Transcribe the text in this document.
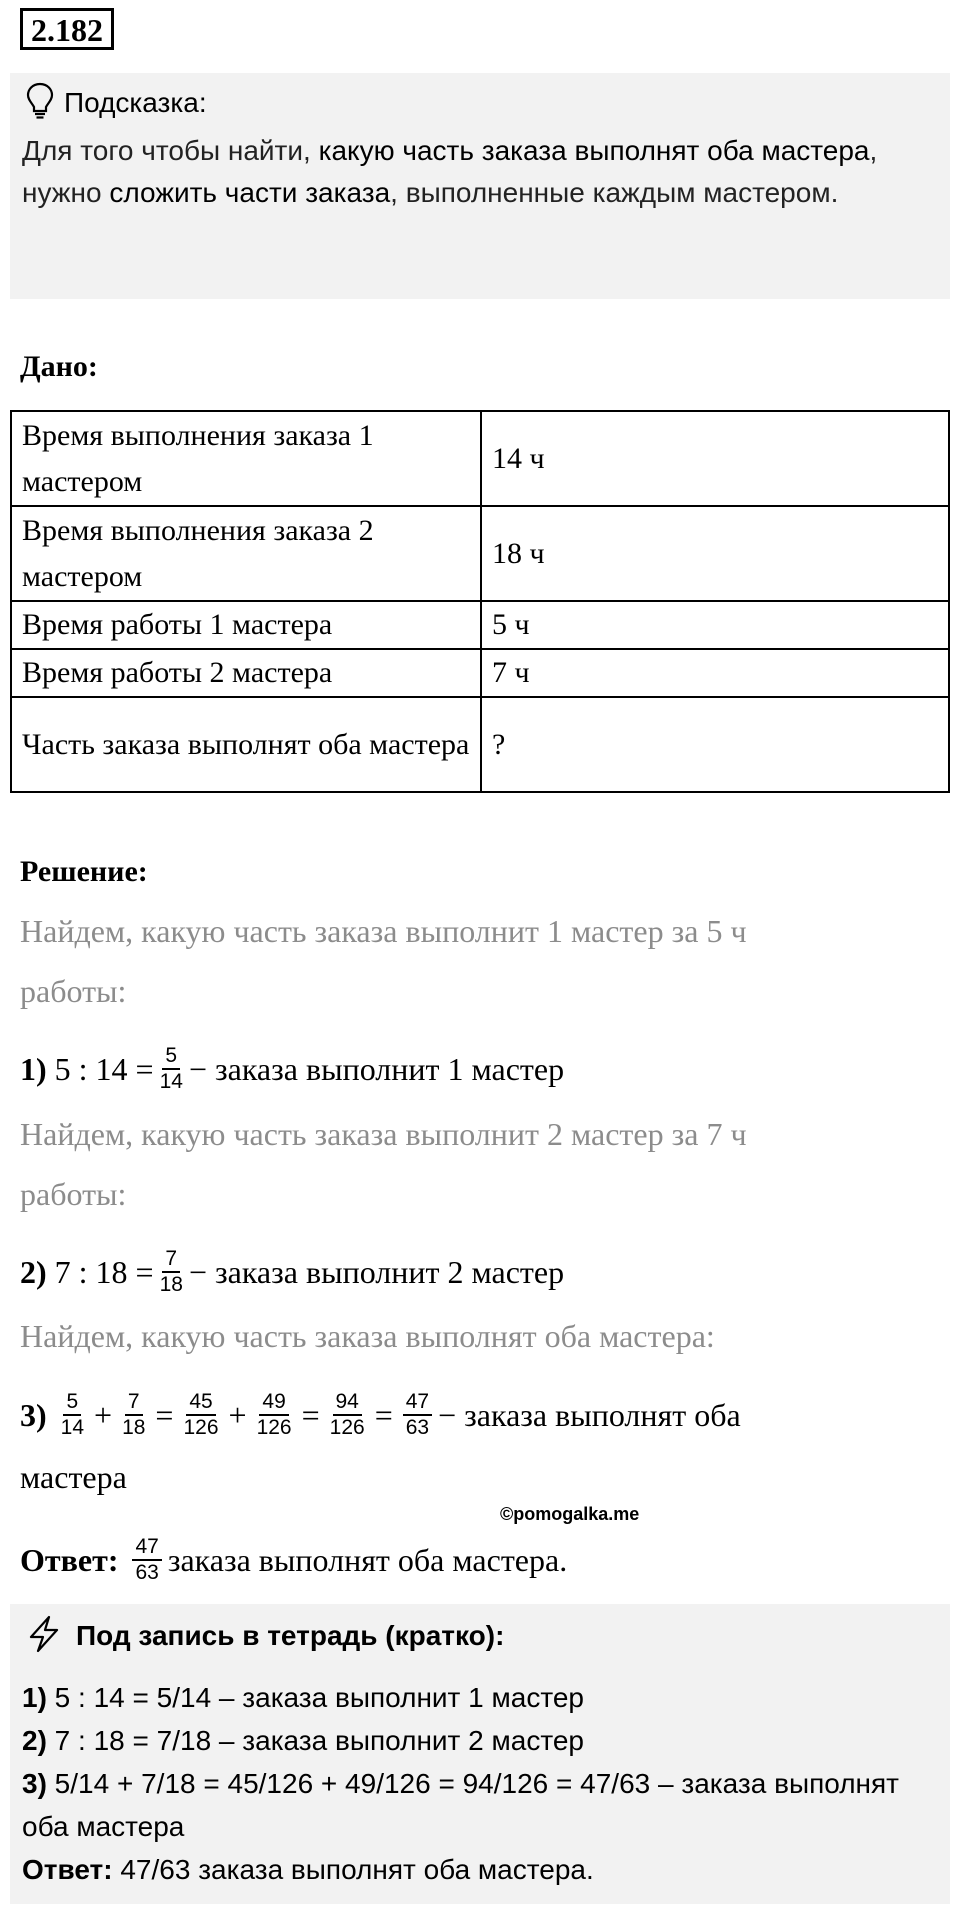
2.182
Подсказка:
Для того чтобы найти, какую часть заказа выполнят оба мастера, нужно сложить части заказа, выполненные каждым мастером.
Дано:
Время выполнения заказа 1 мастером	14 ч
Время выполнения заказа 2 мастером	18 ч
Время работы 1 мастера	5 ч
Время работы 2 мастера	7 ч
Часть заказа выполнят оба мастера	?
Решение:
Найдем, какую часть заказа выполнит 1 мастер за 5 ч
работы:
1) 5 : $14 = \frac{5}{14}$ − заказа выполнит 1 мастер
Найдем, какую часть заказа выполнит 2 мастер за 7 ч
работы:
2) 7 : $18 = \frac{7}{18}$ − заказа выполнит 2 мастер
Найдем, какую часть заказа выполнят оба мастера:
$3) \frac{5}{14} + \frac{7}{18} = \frac{45}{126} + \frac{49}{126} = \frac{94}{126} = \frac{47}{63}$ − заказа выполнят оба
мастера
©pomogalka.me
Ответ: $\frac{47}{63}$ заказа выполнят оба мастера.
Под запись в тетрадь (кратко):
1) 5 : 14 = 5/14 – заказа выполнит 1 мастер
2) 7 : 18 = 7/18 – заказа выполнит 2 мастер
3) 5/14 + 7/18 = 45/126 + 49/126 = 94/126 = 47/63 – заказа выполнят оба мастера
Ответ: 47/63 заказа выполнят оба мастера.
